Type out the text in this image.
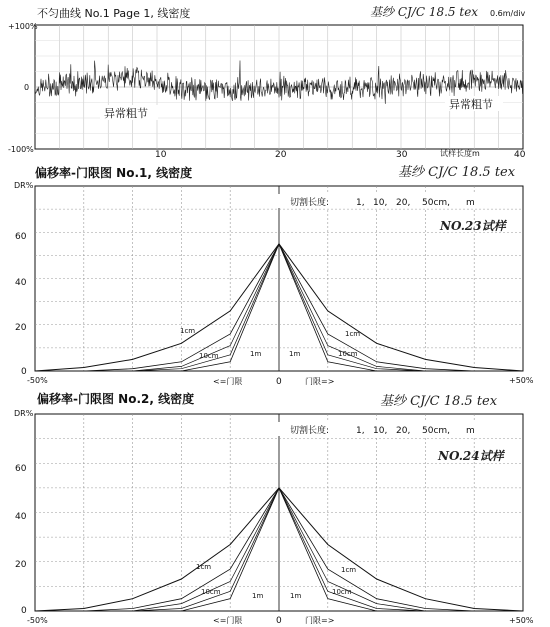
不匀曲线 No.1 Page 1, 线密度	基纱 CJ/C 18.5 tex 0.6m/div
+100%
0
-100%
10	20	30	40
试样长度m
异常粗节
异常粗节
偏移率-门限图 No.1, 线密度	基纱 CJ/C 18.5 tex
DR%
切割长度:	1, 10, 20, 50cm, m
NO.23试样
60
40
20
0
-50%	+50%
0
<=门限	门限=>
1cm
10cm	1m	1m	10cm
1cm
偏移率-门限图 No.2, 线密度	基纱 CJ/C 18.5 tex
DR%
切割长度:	1, 10, 20, 50cm, m
NO.24试样
60
40
20
0
-50%	+50%
0
<=门限	门限=>
1cm
10cm	1m	1m	10cm
1cm
